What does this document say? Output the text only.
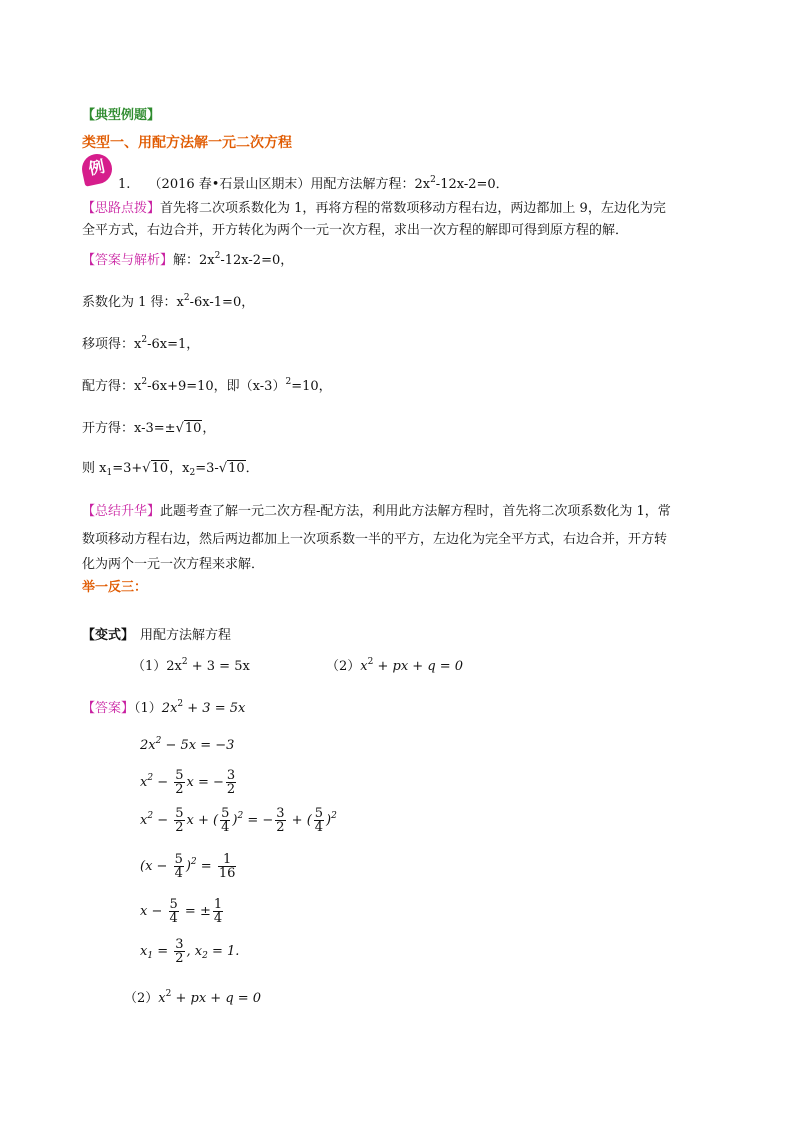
【典型例题】
类型一、用配方法解一元二次方程
例
1. （2016 春•石景山区期末）用配方法解方程：$2x^2-12x-2=0$．
【思路点拨】首先将二次项系数化为 1，再将方程的常数项移动方程右边，两边都加上 9，左边化为完
全平方式，右边合并，开方转化为两个一元一次方程，求出一次方程的解即可得到原方程的解．
【答案与解析】解：$2x^2-12x-2=0$，
系数化为 1 得：$x^2-6x-1=0$，
移项得：$x^2-6x=1$，
配方得：$x^2-6x+9=10$，即$(x-3)^2=10$，
开方得：x-3=±√10，
则 $x_1=3+√10$，$x_2=3-√10$．
【总结升华】此题考查了解一元二次方程-配方法，利用此方法解方程时，首先将二次项系数化为 1，常
数项移动方程右边，然后两边都加上一次项系数一半的平方，左边化为完全平方式，右边合并，开方转
化为两个一元一次方程来求解．
举一反三：
【变式】 用配方法解方程
$(1)2x^2 + 3 = 5x$	$(2)x^2$ + px + q = 0
【答案】$(1)2x^2 + 3 = 5x$
$2x^2 - 5x = -3$
$x^2 - \frac{5}{2}$ x = − $\frac{3}{2}$
$x^2 - \frac{5}{2}$ x + ( $\frac{5}{4} )^2$ = − $\frac{3}{2}$ + ( $\frac{5}{4} )^2$
$(x - \frac{5}{4} )^2 = \frac{1}{16}$
$x - \frac{5}{4}$ = ± $\frac{1}{4}$
$x_1 = \frac{3}{2}$ , $x_2 = 1$.
$(2)x^2$ + px + q = 0
